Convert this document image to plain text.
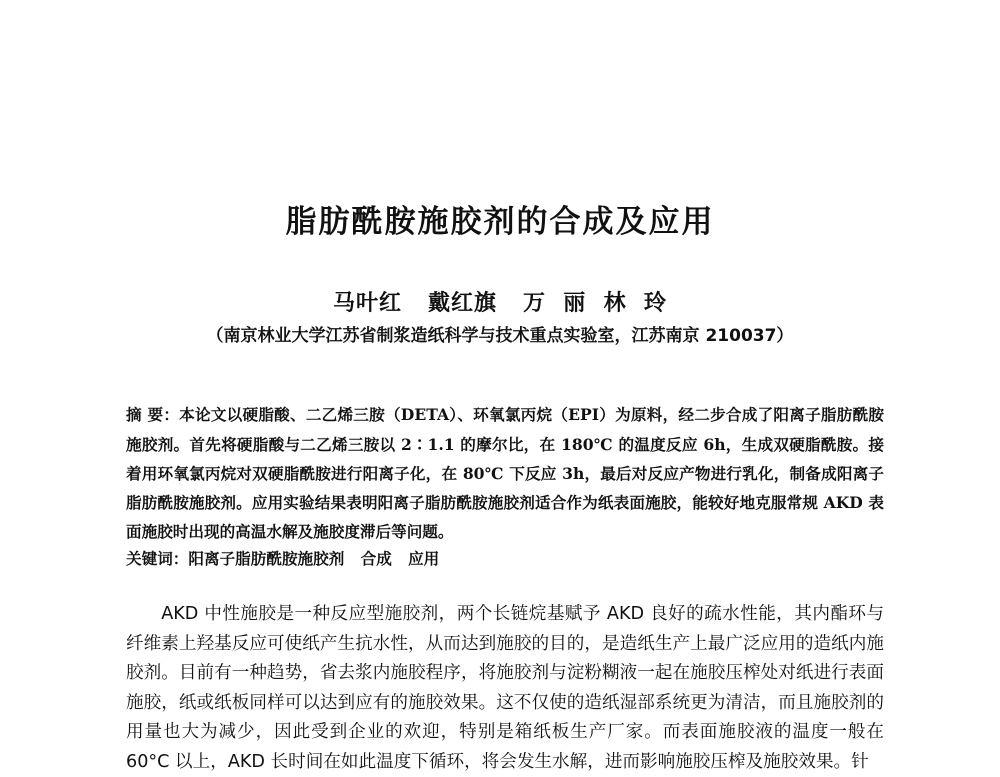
脂肪酰胺施胶剂的合成及应用
马叶红   戴红旗   万  丽  林  玲
（南京林业大学江苏省制浆造纸科学与技术重点实验室，江苏南京 210037）
摘 要：本论文以硬脂酸、二乙烯三胺（DETA）、环氧氯丙烷（EPI）为原料，经二步合成了阳离子脂肪酰胺施胶剂。首先将硬脂酸与二乙烯三胺以 2∶1.1 的摩尔比，在 180℃ 的温度反应 6h，生成双硬脂酰胺。接着用环氧氯丙烷对双硬脂酰胺进行阳离子化，在 80℃ 下反应 3h，最后对反应产物进行乳化，制备成阳离子脂肪酰胺施胶剂。应用实验结果表明阳离子脂肪酰胺施胶剂适合作为纸表面施胶，能较好地克服常规 AKD 表面施胶时出现的高温水解及施胶度滞后等问题。
关键词：阳离子脂肪酰胺施胶剂   合成   应用
AKD 中性施胶是一种反应型施胶剂，两个长链烷基赋予 AKD 良好的疏水性能，其内酯环与纤维素上羟基反应可使纸产生抗水性，从而达到施胶的目的，是造纸生产上最广泛应用的造纸内施胶剂。目前有一种趋势，省去浆内施胶程序，将施胶剂与淀粉糊液一起在施胶压榨处对纸进行表面施胶，纸或纸板同样可以达到应有的施胶效果。这不仅使的造纸湿部系统更为清洁，而且施胶剂的用量也大为减少，因此受到企业的欢迎，特别是箱纸板生产厂家。而表面施胶液的温度一般在 60°C 以上，AKD 长时间在如此温度下循环，将会发生水解，进而影响施胶压榨及施胶效果。针
